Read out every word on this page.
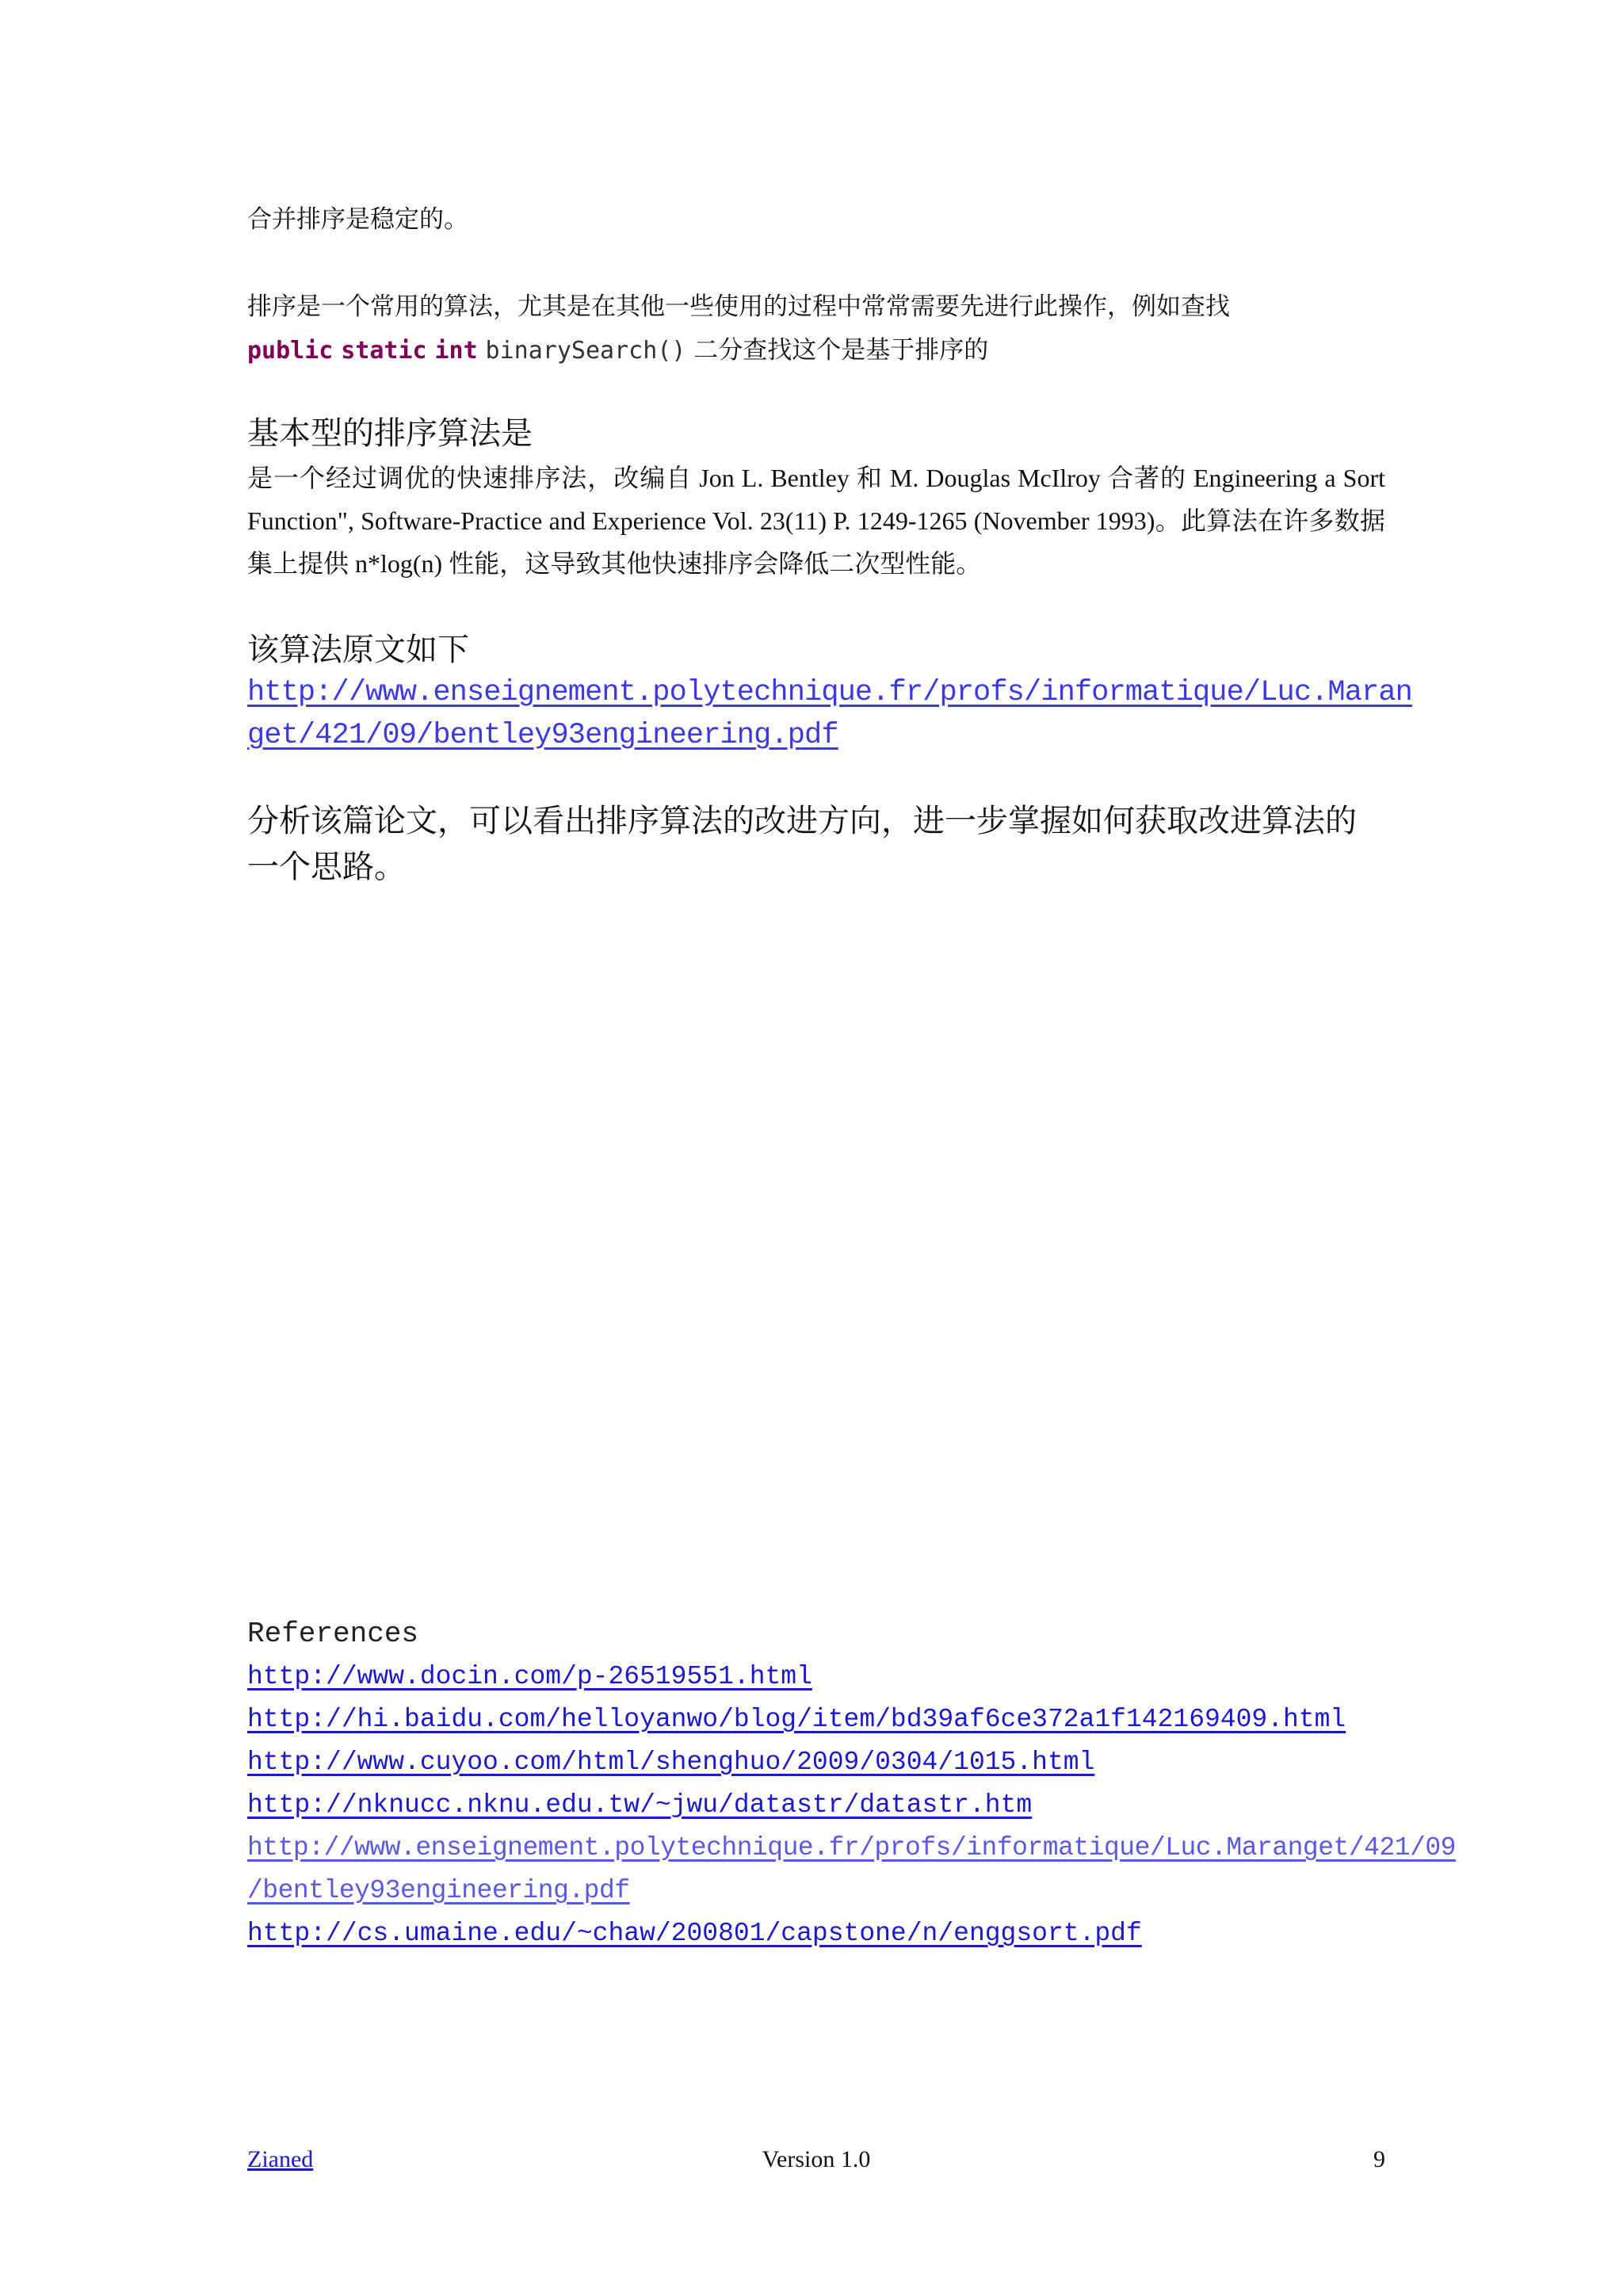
合并排序是稳定的。
排序是一个常用的算法，尤其是在其他一些使用的过程中常常需要先进行此操作，例如查找
public static int binarySearch() 二分查找这个是基于排序的
基本型的排序算法是
是一个经过调优的快速排序法，改编自 Jon L. Bentley 和 M. Douglas McIlroy 合著的 Engineering a Sort Function", Software-Practice and Experience Vol. 23(11) P. 1249-1265 (November 1993)。此算法在许多数据集上提供 n*log(n) 性能，这导致其他快速排序会降低二次型性能。
该算法原文如下
http://www.enseignement.polytechnique.fr/profs/informatique/Luc.Maran
get/421/09/bentley93engineering.pdf
分析该篇论文，可以看出排序算法的改进方向，进一步掌握如何获取改进算法的
一个思路。
References
http://www.docin.com/p-26519551.html
http://hi.baidu.com/helloyanwo/blog/item/bd39af6ce372a1f142169409.html
http://www.cuyoo.com/html/shenghuo/2009/0304/1015.html
http://nknucc.nknu.edu.tw/~jwu/datastr/datastr.htm
http://www.enseignement.polytechnique.fr/profs/informatique/Luc.Maranget/421/09
/bentley93engineering.pdf
http://cs.umaine.edu/~chaw/200801/capstone/n/enggsort.pdf
Zianed	Version 1.0	9
